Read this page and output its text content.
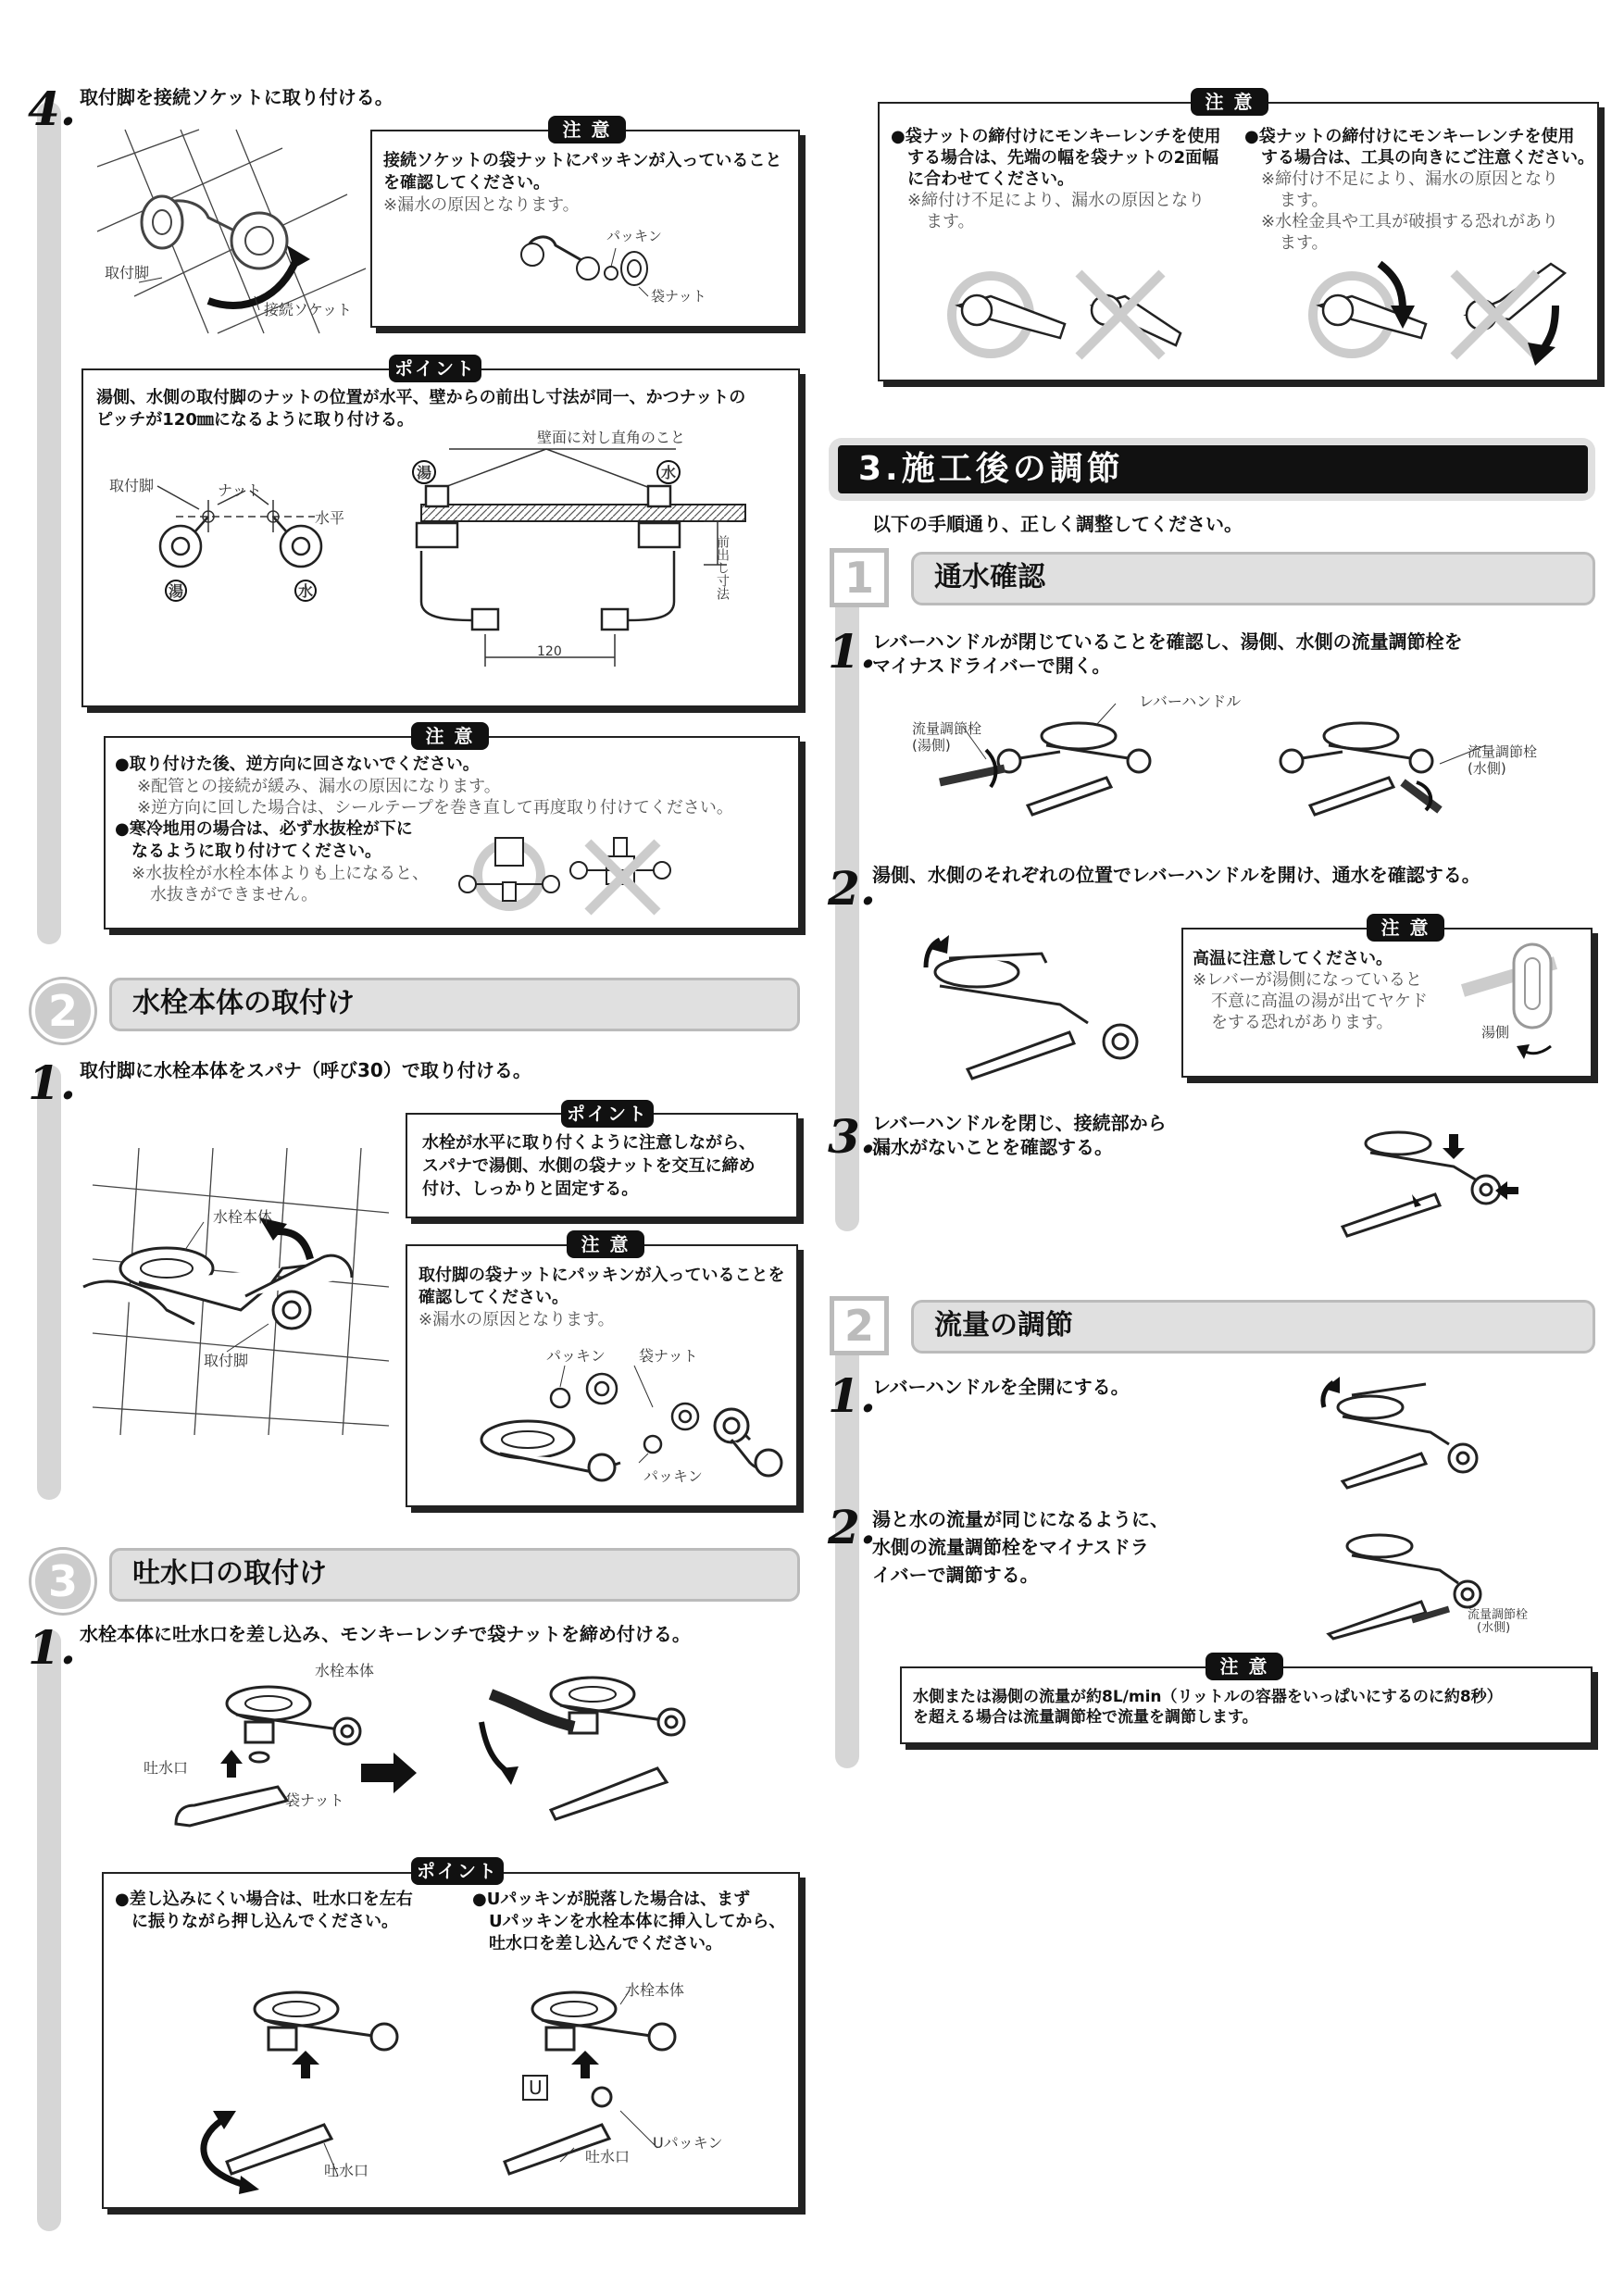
4. 取付脚を接続ソケットに取り付ける。
取付脚
接続ソケット
注 意
接続ソケットの袋ナットにパッキンが入っていること
を確認してください。
※漏水の原因となります。
パッキン
袋ナット
ポイント
湯側、水側の取付脚のナットの位置が水平、壁からの前出し寸法が同一、かつナットの
ピッチが120㎜になるように取り付ける。
取付脚	ナット
水平
湯	水
壁面に対し直角のこと
湯	水
前出し寸法
120
注 意
●取り付けた後、逆方向に回さないでください。
※配管との接続が緩み、漏水の原因になります。
※逆方向に回した場合は、シールテープを巻き直して再度取り付けてください。
●寒冷地用の場合は、必ず水抜栓が下に
なるように取り付けてください。
※水抜栓が水栓本体よりも上になると、
水抜きができません。
2	水栓本体の取付け
1. 取付脚に水栓本体をスパナ（呼び30）で取り付ける。
水栓本体
取付脚
ポイント
水栓が水平に取り付くように注意しながら、
スパナで湯側、水側の袋ナットを交互に締め
付け、しっかりと固定する。
注 意
取付脚の袋ナットにパッキンが入っていることを
確認してください。
※漏水の原因となります。
パッキン 袋ナット
パッキン
3	吐水口の取付け
1. 水栓本体に吐水口を差し込み、モンキーレンチで袋ナットを締め付ける。
水栓本体
吐水口
袋ナット
ポイント
●差し込みにくい場合は、吐水口を左右
に振りながら押し込んでください。
●Uパッキンが脱落した場合は、まず
Uパッキンを水栓本体に挿入してから、
吐水口を差し込んでください。
U
吐水口
水栓本体
Uパッキン
吐水口
注 意
●袋ナットの締付けにモンキーレンチを使用
する場合は、先端の幅を袋ナットの2面幅
に合わせてください。
※締付け不足により、漏水の原因となり
ます。
●袋ナットの締付けにモンキーレンチを使用
する場合は、工具の向きにご注意ください。
※締付け不足により、漏水の原因となり
ます。
※水栓金具や工具が破損する恐れがあり
ます。
3.施工後の調節
以下の手順通り、正しく調整してください。
1	通水確認
1.
レバーハンドルが閉じていることを確認し、湯側、水側の流量調節栓を
マイナスドライバーで開く。
流量調節栓
(湯側)
レバーハンドル
流量調節栓
(水側)
2.
湯側、水側のそれぞれの位置でレバーハンドルを開け、通水を確認する。
注 意
高温に注意してください。
※レバーが湯側になっていると
不意に高温の湯が出てヤケド
をする恐れがあります。	湯側
3.
レバーハンドルを閉じ、接続部から
漏水がないことを確認する。
2	流量の調節
1.
レバーハンドルを全開にする。
2.
湯と水の流量が同じになるように、
水側の流量調節栓をマイナスドラ
イバーで調節する。
流量調節栓
(水側)
注 意
水側または湯側の流量が約8L/min（リットルの容器をいっぱいにするのに約8秒）
を超える場合は流量調節栓で流量を調節します。
